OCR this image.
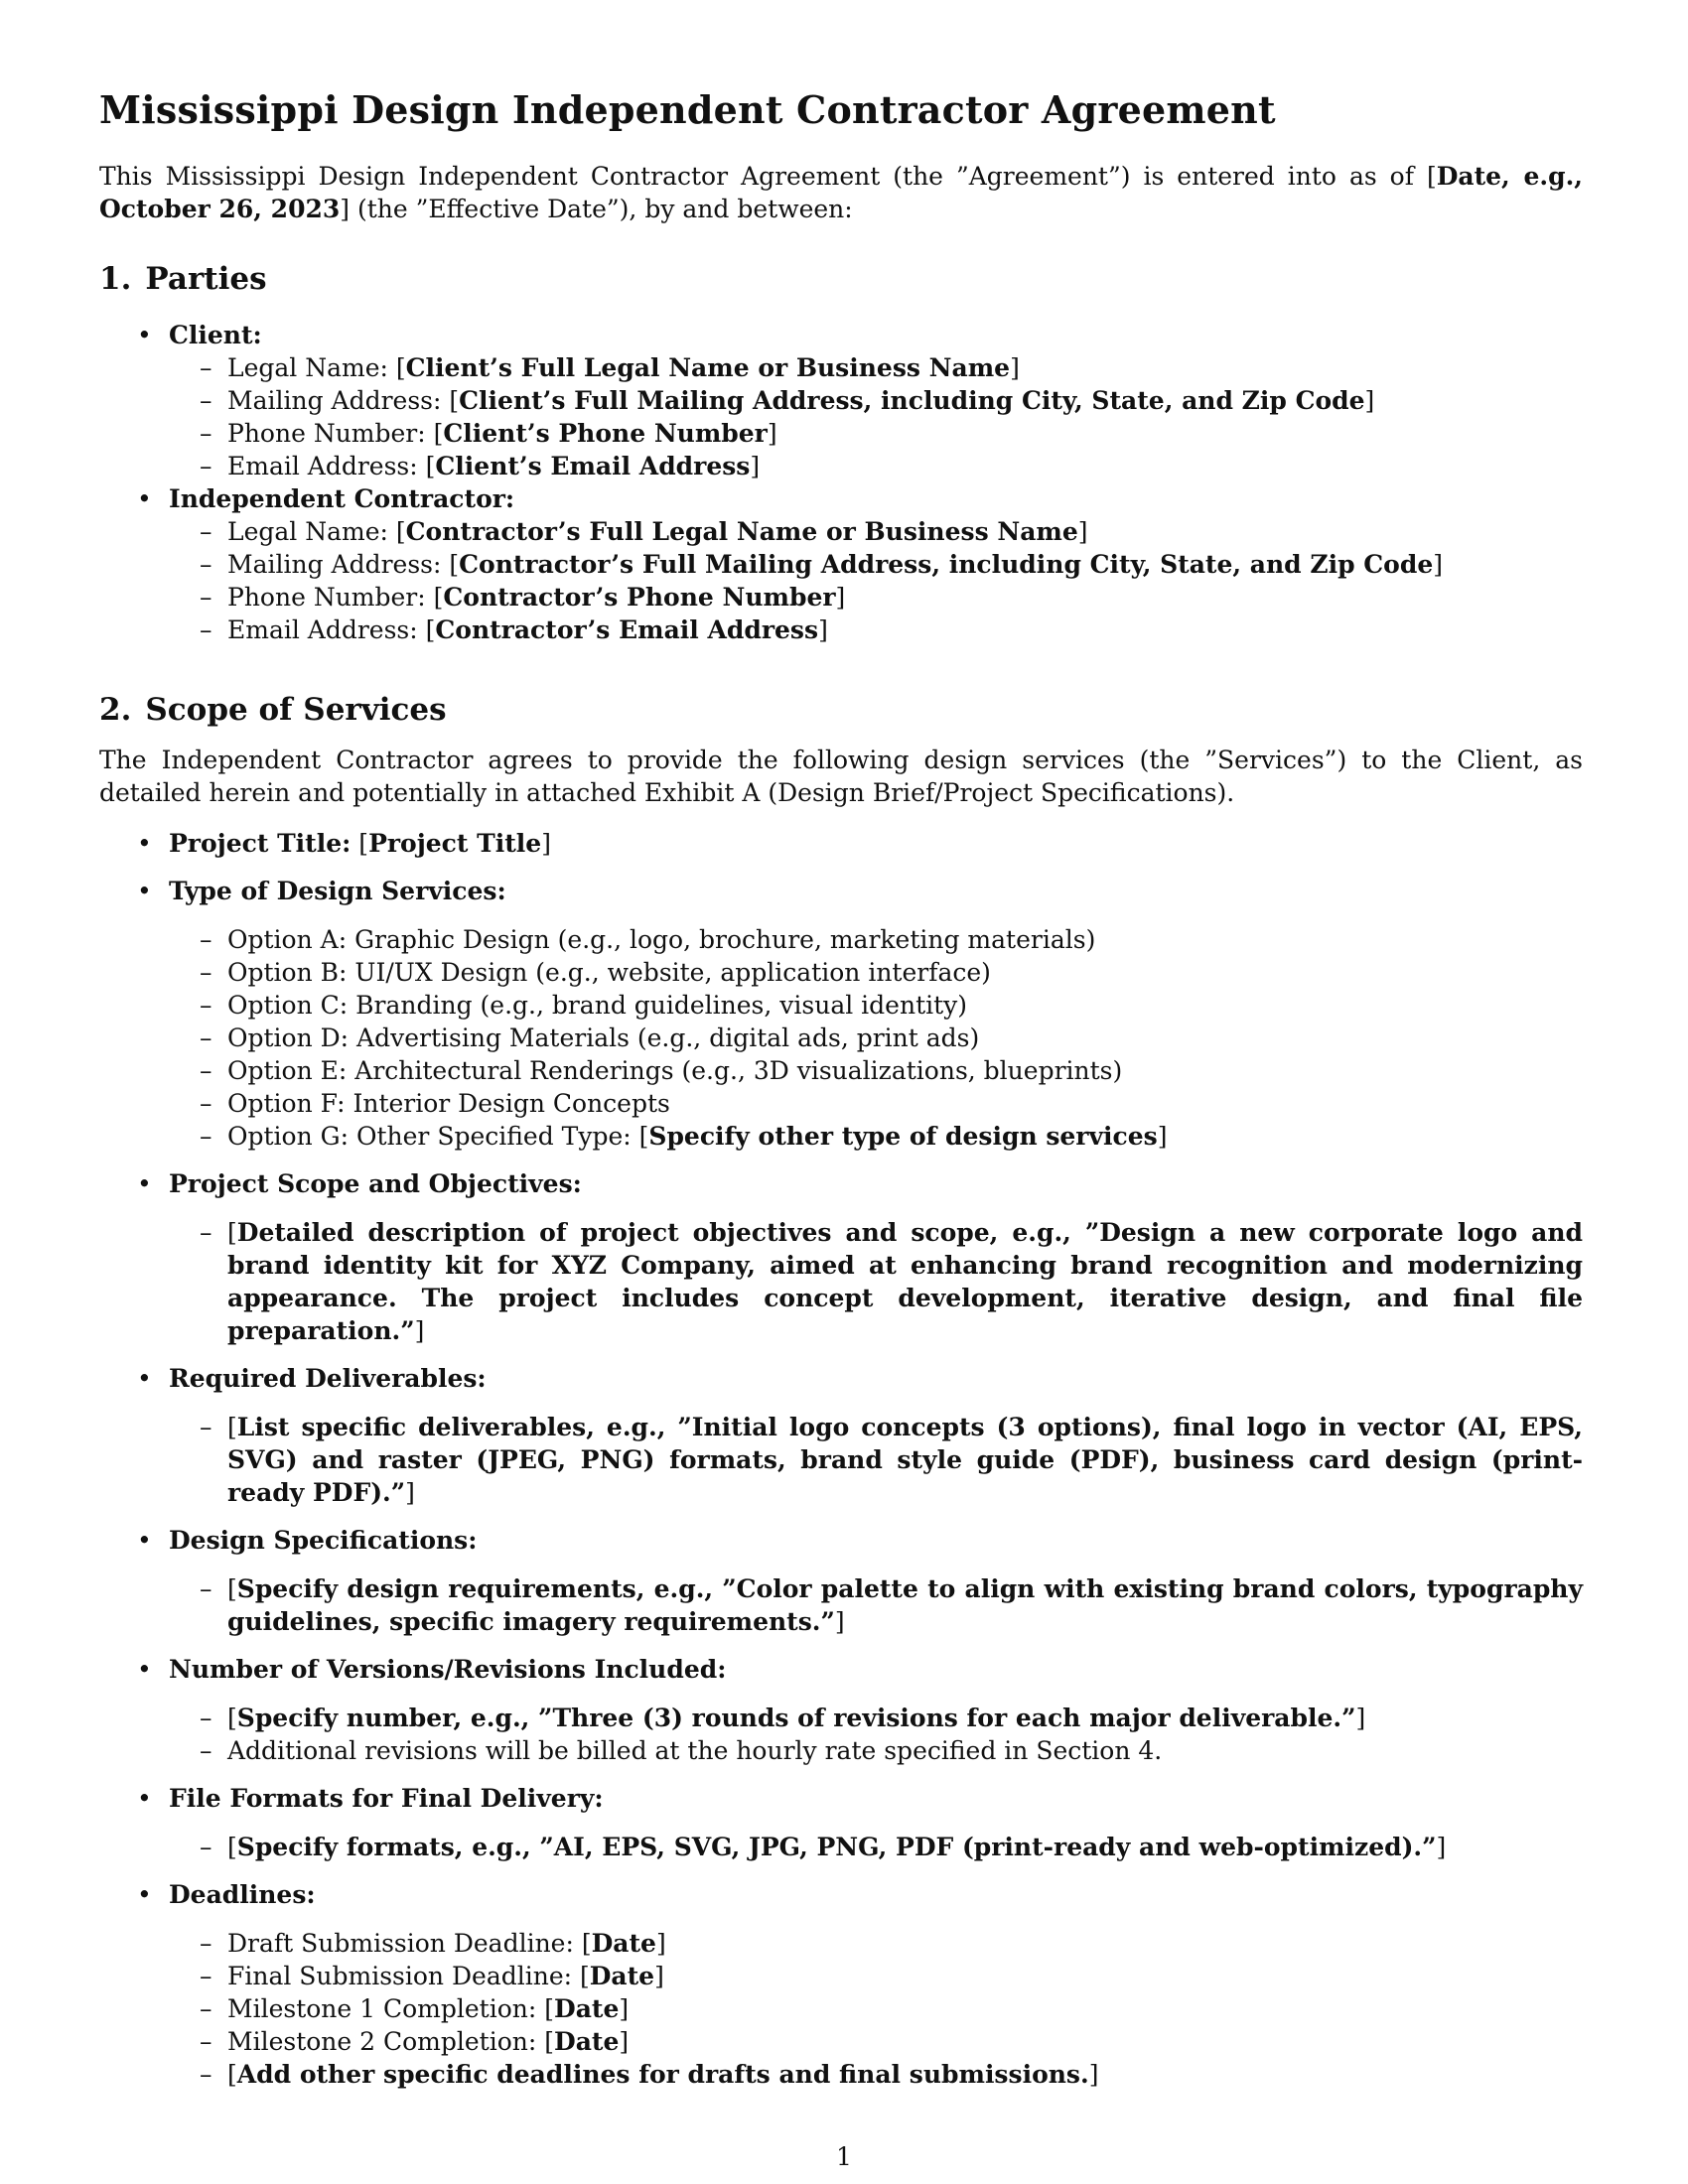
Mississippi Design Independent Contractor Agreement

This Mississippi Design Independent Contractor Agreement (the ”Agreement”) is entered into as of [Date, e.g., October 26, 2023] (the ”Effective Date”), by and between:

1. Parties
• Client:
– Legal Name: [Client’s Full Legal Name or Business Name]
– Mailing Address: [Client’s Full Mailing Address, including City, State, and Zip Code]
– Phone Number: [Client’s Phone Number]
– Email Address: [Client’s Email Address]
• Independent Contractor:
– Legal Name: [Contractor’s Full Legal Name or Business Name]
– Mailing Address: [Contractor’s Full Mailing Address, including City, State, and Zip Code]
– Phone Number: [Contractor’s Phone Number]
– Email Address: [Contractor’s Email Address]
2. Scope of Services

The Independent Contractor agrees to provide the following design services (the ”Services”) to the Client, as detailed herein and potentially in attached Exhibit A (Design Brief/Project Specifications).

• Project Title: [Project Title]
• Type of Design Services:
– Option A: Graphic Design (e.g., logo, brochure, marketing materials)
– Option B: UI/UX Design (e.g., website, application interface)
– Option C: Branding (e.g., brand guidelines, visual identity)
– Option D: Advertising Materials (e.g., digital ads, print ads)
– Option E: Architectural Renderings (e.g., 3D visualizations, blueprints)
– Option F: Interior Design Concepts
– Option G: Other Specified Type: [Specify other type of design services]
• Project Scope and Objectives:
– [Detailed description of project objectives and scope, e.g., ”Design a new corporate logo and brand identity kit for XYZ Company, aimed at enhancing brand recognition and modernizing appearance. The project includes concept development, iterative design, and final file preparation.”]
• Required Deliverables:
– [List specific deliverables, e.g., ”Initial logo concepts (3 options), final logo in vector (AI, EPS, SVG) and raster (JPEG, PNG) formats, brand style guide (PDF), business card design (print-ready PDF).”]
• Design Specifications:
– [Specify design requirements, e.g., ”Color palette to align with existing brand colors, typography guidelines, specific imagery requirements.”]
• Number of Versions/Revisions Included:
– [Specify number, e.g., ”Three (3) rounds of revisions for each major deliverable.”]
– Additional revisions will be billed at the hourly rate specified in Section 4.
• File Formats for Final Delivery:
– [Specify formats, e.g., ”AI, EPS, SVG, JPG, PNG, PDF (print-ready and web-optimized).”]
• Deadlines:
– Draft Submission Deadline: [Date]
– Final Submission Deadline: [Date]
– Milestone 1 Completion: [Date]
– Milestone 2 Completion: [Date]
– [Add other specific deadlines for drafts and final submissions.]
1
